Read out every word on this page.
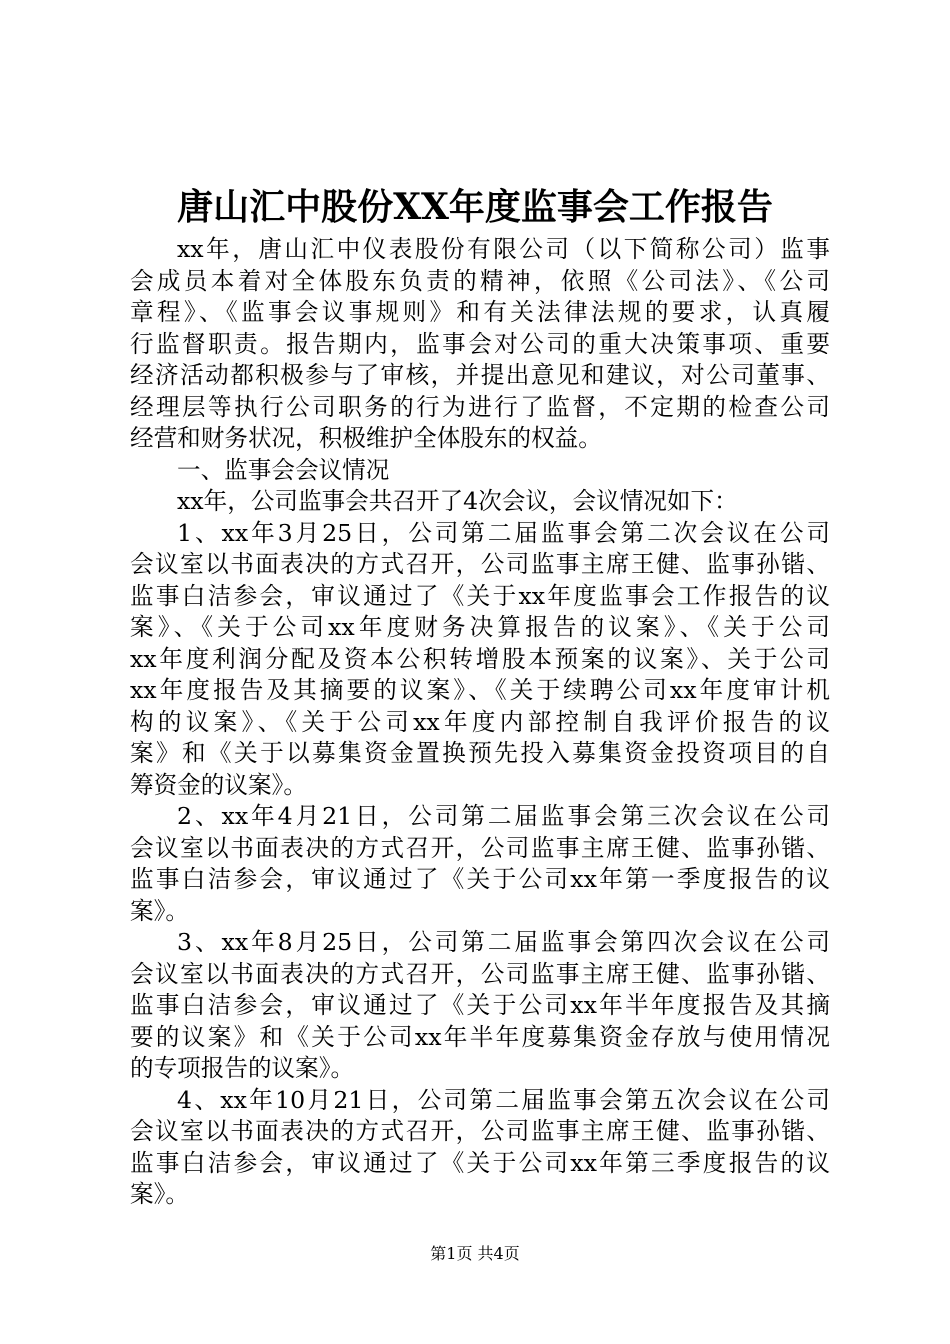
唐山汇中股份XX年度监事会工作报告
xx年，唐山汇中仪表股份有限公司（以下简称公司）监事
会成员本着对全体股东负责的精神，依照《公司法》、《公司
章程》、《监事会议事规则》和有关法律法规的要求，认真履
行监督职责。报告期内，监事会对公司的重大决策事项、重要
经济活动都积极参与了审核，并提出意见和建议，对公司董事、
经理层等执行公司职务的行为进行了监督，不定期的检查公司
经营和财务状况，积极维护全体股东的权益。
一、监事会会议情况
xx年，公司监事会共召开了4次会议，会议情况如下：
1、xx年3月25日，公司第二届监事会第二次会议在公司
会议室以书面表决的方式召开，公司监事主席王健、监事孙锴、
监事白洁参会，审议通过了《关于xx年度监事会工作报告的议
案》、《关于公司xx年度财务决算报告的议案》、《关于公司
xx年度利润分配及资本公积转增股本预案的议案》、关于公司
xx年度报告及其摘要的议案》、《关于续聘公司xx年度审计机
构的议案》、《关于公司xx年度内部控制自我评价报告的议
案》和《关于以募集资金置换预先投入募集资金投资项目的自
筹资金的议案》。
2、xx年4月21日，公司第二届监事会第三次会议在公司
会议室以书面表决的方式召开，公司监事主席王健、监事孙锴、
监事白洁参会，审议通过了《关于公司xx年第一季度报告的议
案》。
3、xx年8月25日，公司第二届监事会第四次会议在公司
会议室以书面表决的方式召开，公司监事主席王健、监事孙锴、
监事白洁参会，审议通过了《关于公司xx年半年度报告及其摘
要的议案》和《关于公司xx年半年度募集资金存放与使用情况
的专项报告的议案》。
4、xx年10月21日，公司第二届监事会第五次会议在公司
会议室以书面表决的方式召开，公司监事主席王健、监事孙锴、
监事白洁参会，审议通过了《关于公司xx年第三季度报告的议
案》。
第1页 共4页
